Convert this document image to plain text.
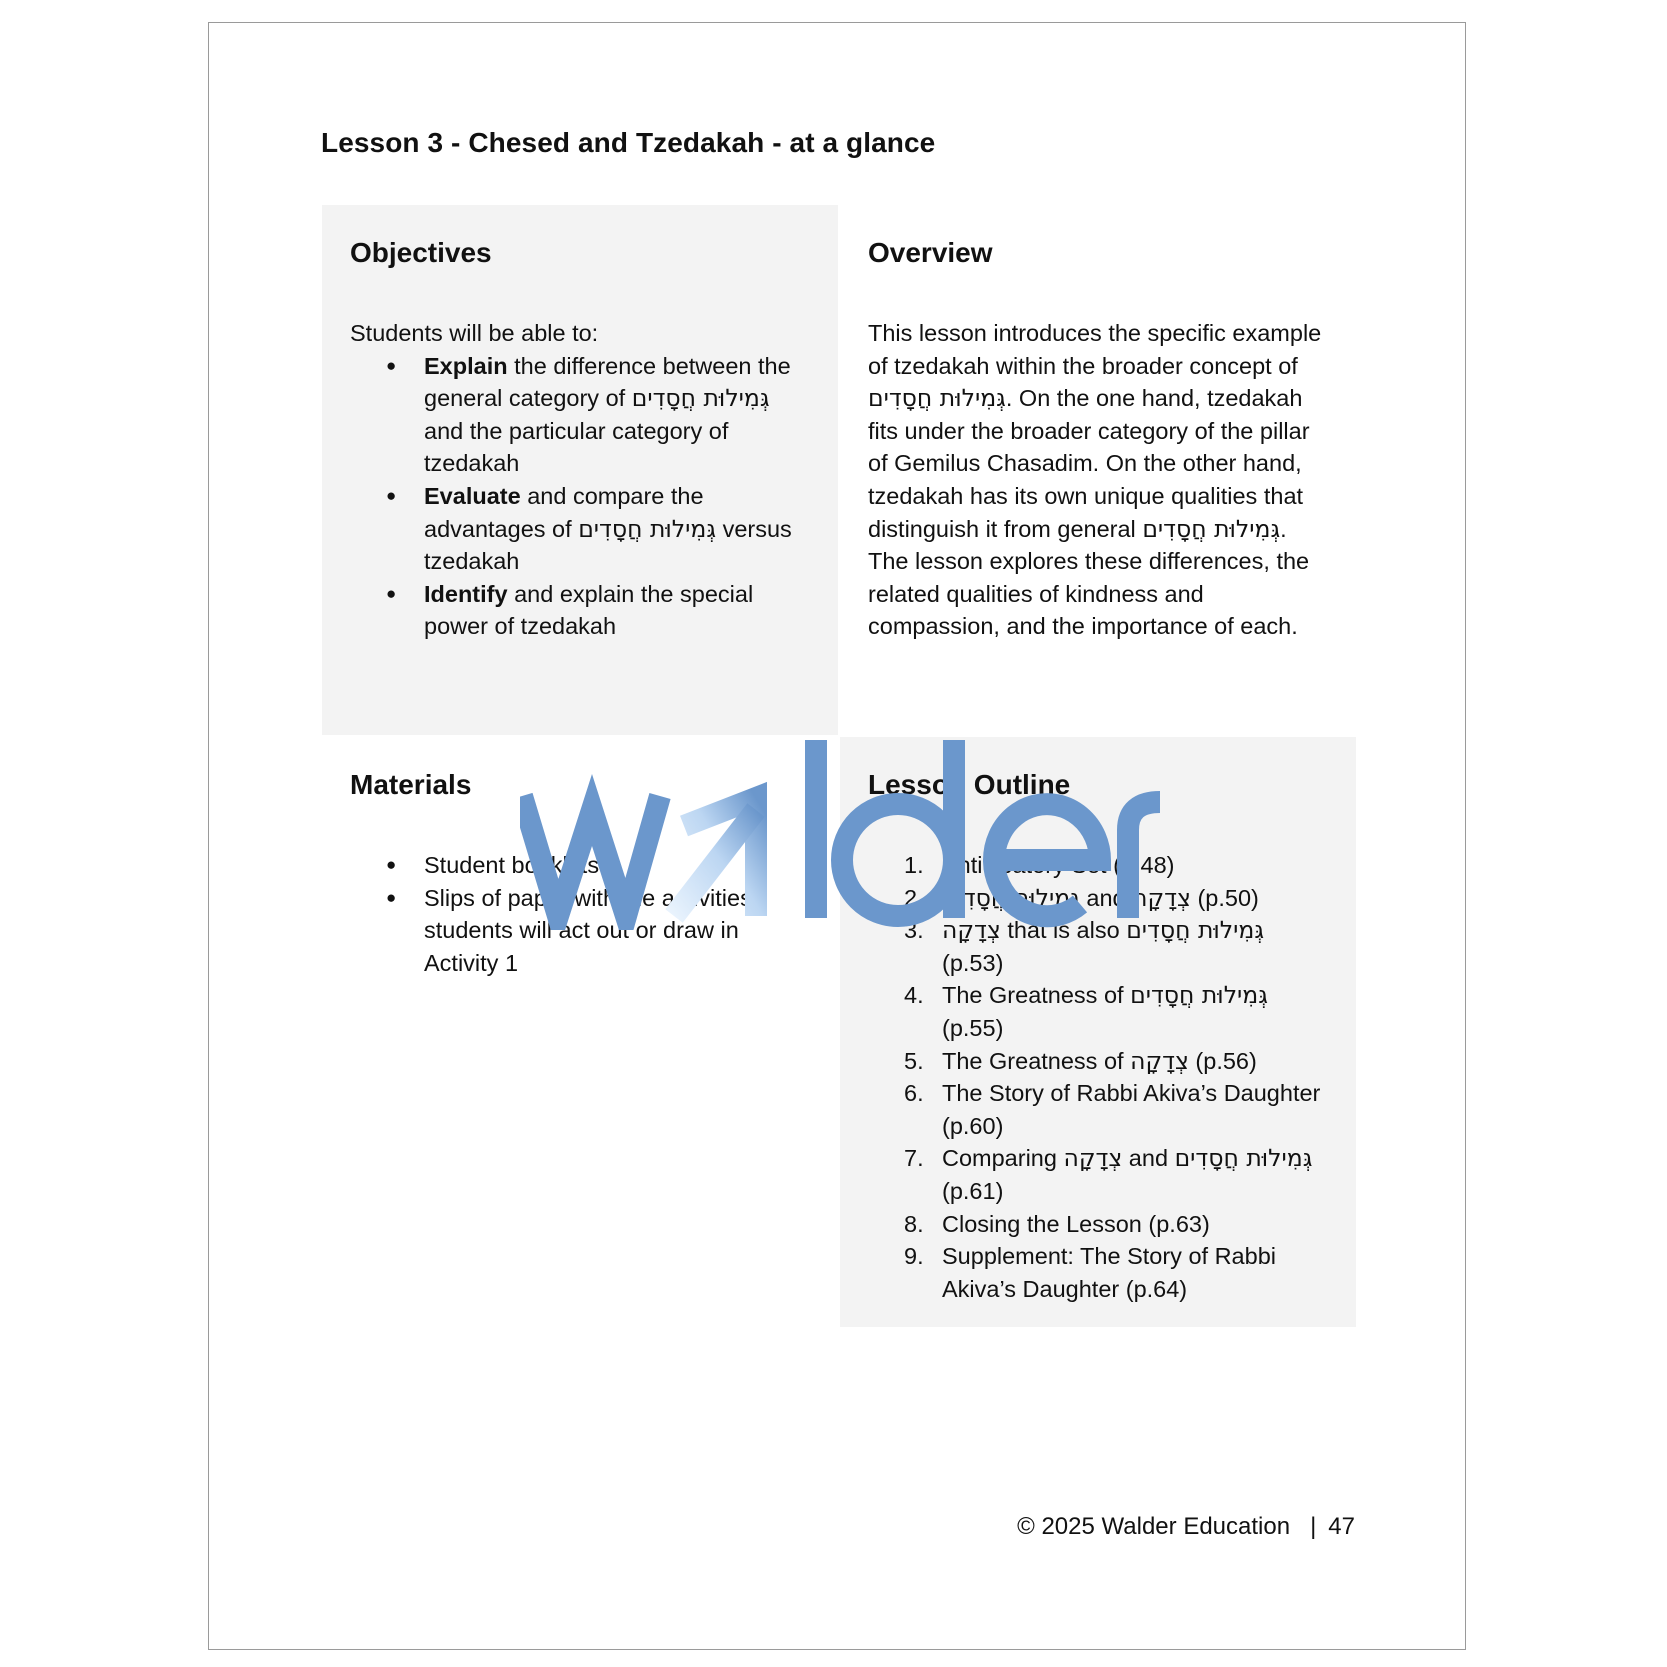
Lesson 3 - Chesed and Tzedakah - at a glance
Objectives

Students will be able to:

● Explain the difference between the general category of גְּמִילוּת חֲסָדִים and the particular category of tzedakah
● Evaluate and compare the advantages of גְּמִילוּת חֲסָדִים versus tzedakah
● Identify and explain the special power of tzedakah
Overview

This lesson introduces the specific example of tzedakah within the broader concept of גְּמִילוּת חֲסָדִים. On the one hand, tzedakah fits under the broader category of the pillar of Gemilus Chasadim. On the other hand, tzedakah has its own unique qualities that distinguish it from general גְּמִילוּת חֲסָדִים. The lesson explores these differences, the related qualities of kindness and compassion, and the importance of each.

Materials
● Student booklets
● Slips of paper with the activities students will act out or draw in Activity 1
Lesson Outline
1. Anticipatory Set (p.48)
2. גְּמִילוּת חֲסָדִים and צְדָקָה (p.50)
3. צְדָקָה that is also גְּמִילוּת חֲסָדִים (p.53)
4. The Greatness of גְּמִילוּת חֲסָדִים (p.55)
5. The Greatness of צְדָקָה (p.56)
6. The Story of Rabbi Akiva’s Daughter (p.60)
7. Comparing צְדָקָה and גְּמִילוּת חֲסָדִים (p.61)
8. Closing the Lesson (p.63)
9. Supplement: The Story of Rabbi Akiva’s Daughter (p.64)
© 2025 Walder Education | 47
